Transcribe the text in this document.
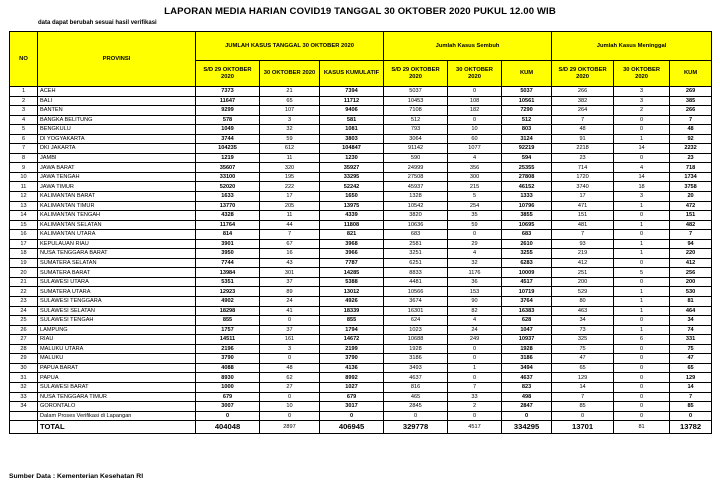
LAPORAN MEDIA HARIAN COVID19 TANGGAL 30 OKTOBER 2020 PUKUL 12.00 WIB
data dapat berubah sesuai hasil verifikasi
NO	PROVINSI	JUMLAH KASUS TANGGAL 30 OKTOBER 2020			Jumlah Kasus Sembuh			Jumlah Kasus Meninggal		
		S/D 29 OKTOBER 2020	30 OKTOBER 2020	KASUS KUMULATIF	S/D 29 OKTOBER 2020	30 OKTOBER 2020	KUM	S/D 29 OKTOBER 2020	30 OKTOBER 2020	KUM
1	ACEH	7373	21	7394	5037	0	5037	266	3	269
2	BALI	11647	65	11712	10453	108	10561	382	3	385
3	BANTEN	9299	107	9406	7108	182	7290	264	2	266
4	BANGKA BELITUNG	578	3	581	512	0	512	7	0	7
5	BENGKULU	1049	32	1081	793	10	803	48	0	48
6	DI YOGYAKARTA	3744	59	3803	3064	60	3124	91	1	92
7	DKI JAKARTA	104235	612	104847	91142	1077	92219	2218	14	2232
8	JAMBI	1219	11	1230	590	4	594	23	0	23
9	JAWA BARAT	35607	320	35927	24999	356	25355	714	4	718
10	JAWA TENGAH	33100	195	33295	27508	300	27808	1720	14	1734
11	JAWA TIMUR	52020	222	52242	45937	215	46152	3740	18	3758
12	KALIMANTAN BARAT	1633	17	1650	1328	5	1333	17	3	20
13	KALIMANTAN TIMUR	13770	205	13975	10542	254	10796	471	1	472
14	KALIMANTAN TENGAH	4328	11	4339	3820	35	3855	151	0	151
15	KALIMANTAN SELATAN	11764	44	11808	10636	59	10695	481	1	482
16	KALIMANTAN UTARA	814	7	821	683	0	683	7	0	7
17	KEPULAUAN RIAU	3901	67	3968	2581	29	2610	93	1	94
18	NUSA TENGGARA BARAT	3950	16	3966	3251	4	3255	219	1	220
19	SUMATERA SELATAN	7744	43	7787	6251	32	6283	412	0	412
20	SUMATERA BARAT	13984	301	14285	8833	1176	10009	251	5	256
21	SULAWESI UTARA	5351	37	5388	4481	36	4517	200	0	200
22	SUMATERA UTARA	12923	89	13012	10566	153	10719	529	1	530
23	SULAWESI TENGGARA	4902	24	4926	3674	90	3764	80	1	81
24	SULAWESI SELATAN	18298	41	18339	16301	82	16383	463	1	464
25	SULAWESI TENGAH	855	0	855	624	4	628	34	0	34
26	LAMPUNG	1757	37	1794	1023	24	1047	73	1	74
27	RIAU	14511	161	14672	10688	249	10937	325	6	331
28	MALUKU UTARA	2196	3	2199	1928	0	1928	75	0	75
29	MALUKU	3790	0	3790	3186	0	3186	47	0	47
30	PAPUA BARAT	4088	48	4136	3493	1	3494	65	0	65
31	PAPUA	8930	62	8992	4637	0	4637	129	0	129
32	SULAWESI BARAT	1000	27	1027	816	7	823	14	0	14
33	NUSA TENGGARA TIMUR	679	0	679	465	33	498	7	0	7
34	GORONTALO	3007	10	3017	2845	2	2847	85	0	85
	Dalam Proses Verifikasi di Lapangan	0	0	0	0	0	0	0	0	0
	TOTAL	404048	2897	406945	329778	4517	334295	13701	81	13782
Sumber Data : Kementerian Kesehatan RI
